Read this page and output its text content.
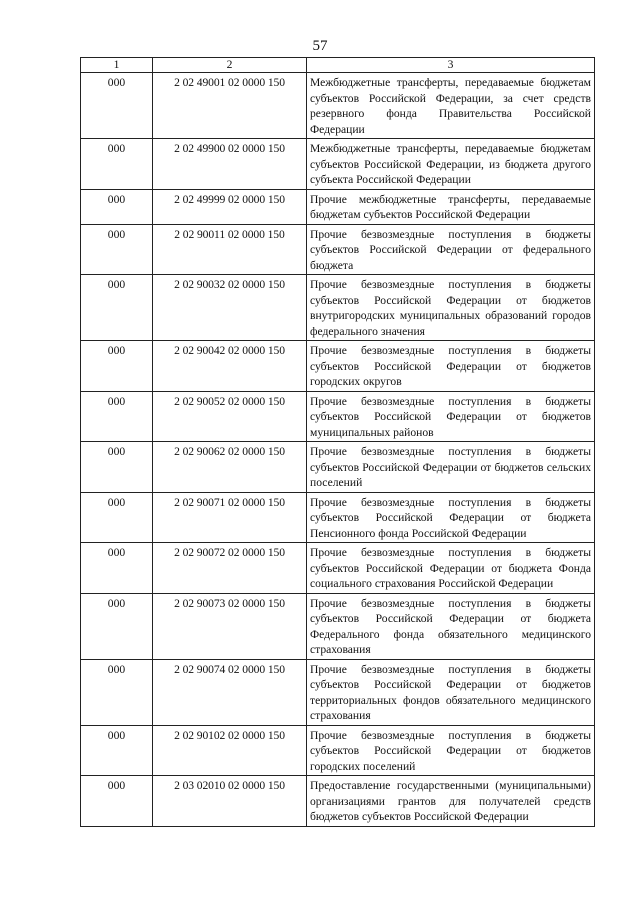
57
1	2	3
000	2 02 49001 02 0000 150	Межбюджетные трансферты, передаваемые бюджетам субъектов Российской Федерации, за счет средств резервного фонда Правительства Российской Федерации
000	2 02 49900 02 0000 150	Межбюджетные трансферты, передаваемые бюджетам субъектов Российской Федерации, из бюджета другого субъекта Российской Федерации
000	2 02 49999 02 0000 150	Прочие межбюджетные трансферты, передаваемые бюджетам субъектов Российской Федерации
000	2 02 90011 02 0000 150	Прочие безвозмездные поступления в бюджеты субъектов Российской Федерации от федерального бюджета
000	2 02 90032 02 0000 150	Прочие безвозмездные поступления в бюджеты субъектов Российской Федерации от бюджетов внутригородских муниципальных образований городов федерального значения
000	2 02 90042 02 0000 150	Прочие безвозмездные поступления в бюджеты субъектов Российской Федерации от бюджетов городских округов
000	2 02 90052 02 0000 150	Прочие безвозмездные поступления в бюджеты субъектов Российской Федерации от бюджетов муниципальных районов
000	2 02 90062 02 0000 150	Прочие безвозмездные поступления в бюджеты субъектов Российской Федерации от бюджетов сельских поселений
000	2 02 90071 02 0000 150	Прочие безвозмездные поступления в бюджеты субъектов Российской Федерации от бюджета Пенсионного фонда Российской Федерации
000	2 02 90072 02 0000 150	Прочие безвозмездные поступления в бюджеты субъектов Российской Федерации от бюджета Фонда социального страхования Российской Федерации
000	2 02 90073 02 0000 150	Прочие безвозмездные поступления в бюджеты субъектов Российской Федерации от бюджета Федерального фонда обязательного медицинского страхования
000	2 02 90074 02 0000 150	Прочие безвозмездные поступления в бюджеты субъектов Российской Федерации от бюджетов территориальных фондов обязательного медицинского страхования
000	2 02 90102 02 0000 150	Прочие безвозмездные поступления в бюджеты субъектов Российской Федерации от бюджетов городских поселений
000	2 03 02010 02 0000 150	Предоставление государственными (муниципальными) организациями грантов для получателей средств бюджетов субъектов Российской Федерации
